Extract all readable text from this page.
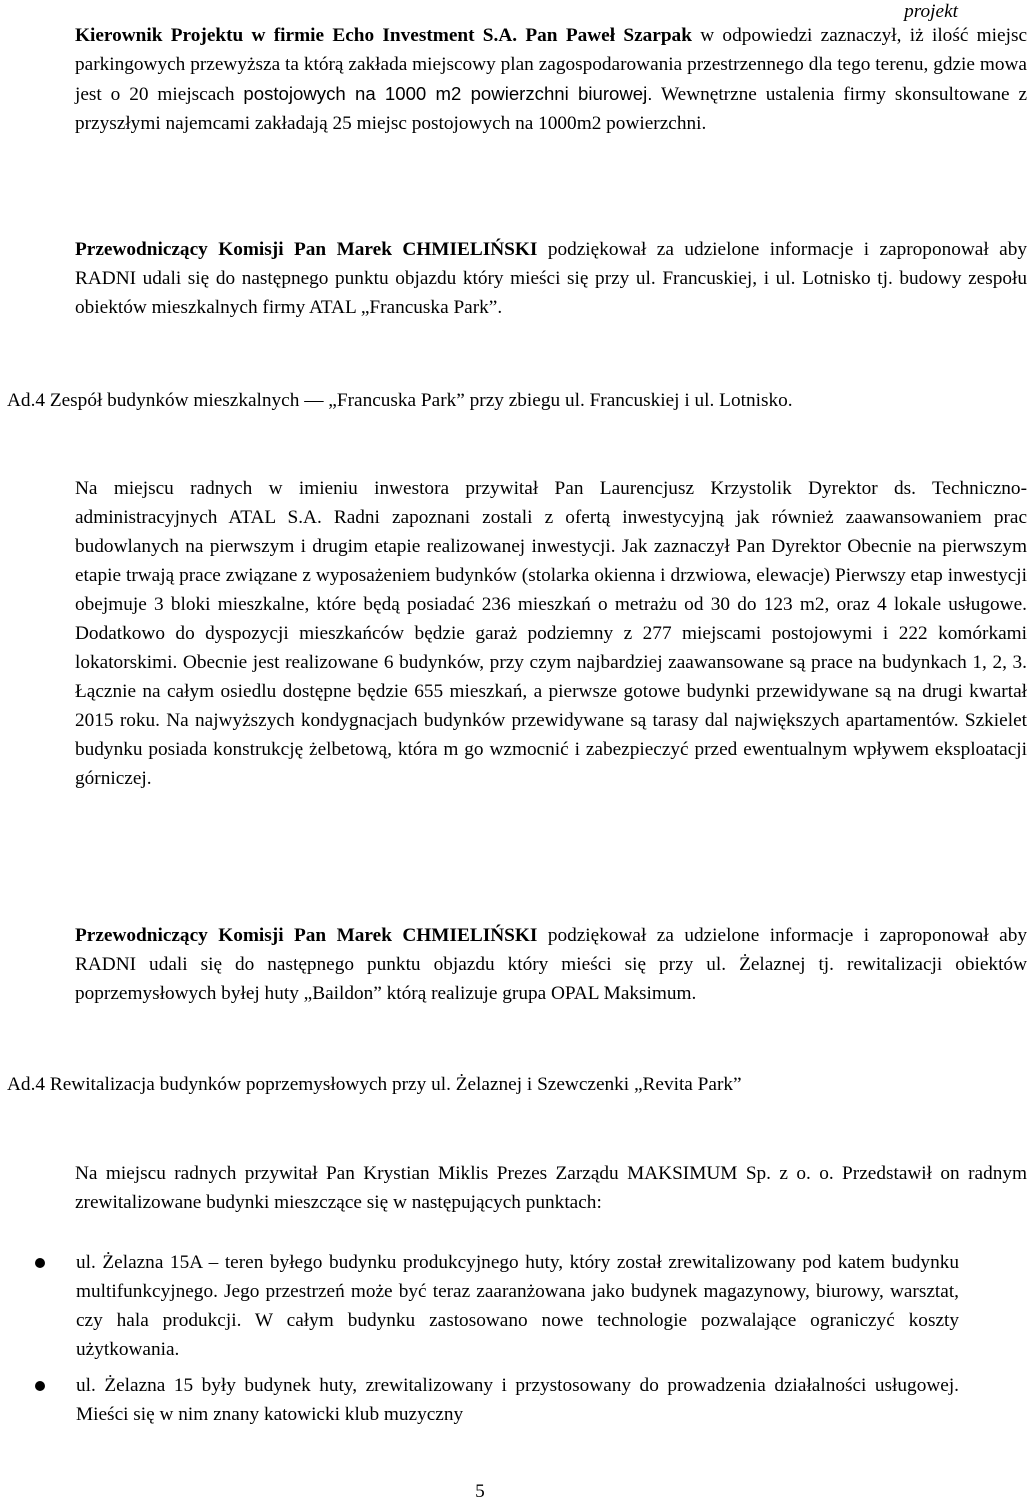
projekt

Kierownik Projektu w firmie Echo Investment S.A. Pan Paweł Szarpak w odpowiedzi zaznaczył, iż ilość miejsc parkingowych przewyższa ta którą zakłada miejscowy plan zagospodarowania przestrzennego dla tego terenu, gdzie mowa jest o 20 miejscach postojowych na 1000 m2 powierzchni biurowej. Wewnętrzne ustalenia firmy skonsultowane z przyszłymi najemcami zakładają 25 miejsc postojowych na 1000m2 powierzchni.

Przewodniczący Komisji Pan Marek CHMIELIŃSKI podziękował za udzielone informacje i zaproponował aby RADNI udali się do następnego punktu objazdu który mieści się przy ul. Francuskiej, i ul. Lotnisko tj. budowy zespołu obiektów mieszkalnych firmy ATAL „Francuska Park”.

Ad.4 Zespół budynków mieszkalnych — „Francuska Park” przy zbiegu ul. Francuskiej i ul. Lotnisko.

Na miejscu radnych w imieniu inwestora przywitał Pan Laurencjusz Krzystolik Dyrektor ds. Techniczno-administracyjnych ATAL S.A. Radni zapoznani zostali z ofertą inwestycyjną jak również zaawansowaniem prac budowlanych na pierwszym i drugim etapie realizowanej inwestycji. Jak zaznaczył Pan Dyrektor Obecnie na pierwszym etapie trwają prace związane z wyposażeniem budynków (stolarka okienna i drzwiowa, elewacje) Pierwszy etap inwestycji obejmuje 3 bloki mieszkalne, które będą posiadać 236 mieszkań o metrażu od 30 do 123 m2, oraz 4 lokale usługowe. Dodatkowo do dyspozycji mieszkańców będzie garaż podziemny z 277 miejscami postojowymi i 222 komórkami lokatorskimi. Obecnie jest realizowane 6 budynków, przy czym najbardziej zaawansowane są prace na budynkach 1, 2, 3. Łącznie na całym osiedlu dostępne będzie 655 mieszkań, a pierwsze gotowe budynki przewidywane są na drugi kwartał 2015 roku. Na najwyższych kondygnacjach budynków przewidywane są tarasy dal największych apartamentów. Szkielet budynku posiada konstrukcję żelbetową, która m go wzmocnić i zabezpieczyć przed ewentualnym wpływem eksploatacji górniczej.

Przewodniczący Komisji Pan Marek CHMIELIŃSKI podziękował za udzielone informacje i zaproponował aby RADNI udali się do następnego punktu objazdu który mieści się przy ul. Żelaznej tj. rewitalizacji obiektów poprzemysłowych byłej huty „Baildon” którą realizuje grupa OPAL Maksimum.

Ad.4 Rewitalizacja budynków poprzemysłowych przy ul. Żelaznej i Szewczenki „Revita Park”

Na miejscu radnych przywitał Pan Krystian Miklis Prezes Zarządu MAKSIMUM Sp. z o. o. Przedstawił on radnym zrewitalizowane budynki mieszczące się w następujących punktach:

ul. Żelazna 15A – teren byłego budynku produkcyjnego huty, który został zrewitalizowany pod katem budynku multifunkcyjnego. Jego przestrzeń może być teraz zaaranżowana jako budynek magazynowy, biurowy, warsztat, czy hala produkcji. W całym budynku zastosowano nowe technologie pozwalające ograniczyć koszty użytkowania.
ul. Żelazna 15 były budynek huty, zrewitalizowany i przystosowany do prowadzenia działalności usługowej. Mieści się w nim znany katowicki klub muzyczny
5
